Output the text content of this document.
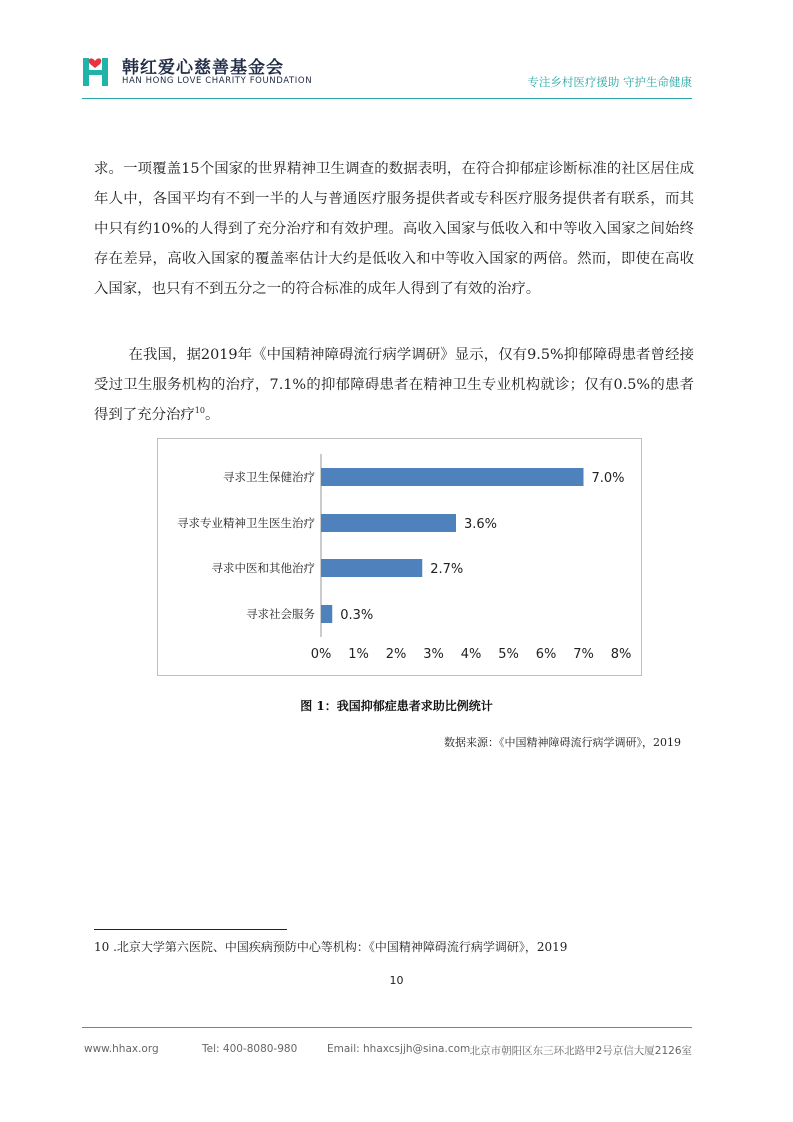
韩红爱心慈善基金会
HAN HONG LOVE CHARITY FOUNDATION	专注乡村医疗援助 守护生命健康

求。一项覆盖15个国家的世界精神卫生调查的数据表明，在符合抑郁症诊断标准的社区居住成年人中，各国平均有不到一半的人与普通医疗服务提供者或专科医疗服务提供者有联系，而其中只有约10%的人得到了充分治疗和有效护理。高收入国家与低收入和中等收入国家之间始终存在差异，高收入国家的覆盖率估计大约是低收入和中等收入国家的两倍。然而，即使在高收入国家，也只有不到五分之一的符合标准的成年人得到了有效的治疗。

在我国，据2019年《中国精神障碍流行病学调研》显示，仅有9.5%抑郁障碍患者曾经接受过卫生服务机构的治疗，7.1%的抑郁障碍患者在精神卫生专业机构就诊；仅有0.5%的患者得到了充分治疗$^{10}$。

寻求卫生保健治疗	7.0%
寻求专业精神卫生医生治疗	3.6%
寻求中医和其他治疗	2.7%
寻求社会服务 0.3%
0% 1% 2% 3% 4% 5% 6% 7% 8%
图 1：我国抑郁症患者求助比例统计
数据来源：《中国精神障碍流行病学调研》，2019
10 .北京大学第六医院、中国疾病预防中心等机构：《中国精神障碍流行病学调研》，2019
10
www.hhax.org	Tel: 400-8080-980	Email: hhaxcsjjh@sina.com 北京市朝阳区东三环北路甲2号京信大厦2126室
